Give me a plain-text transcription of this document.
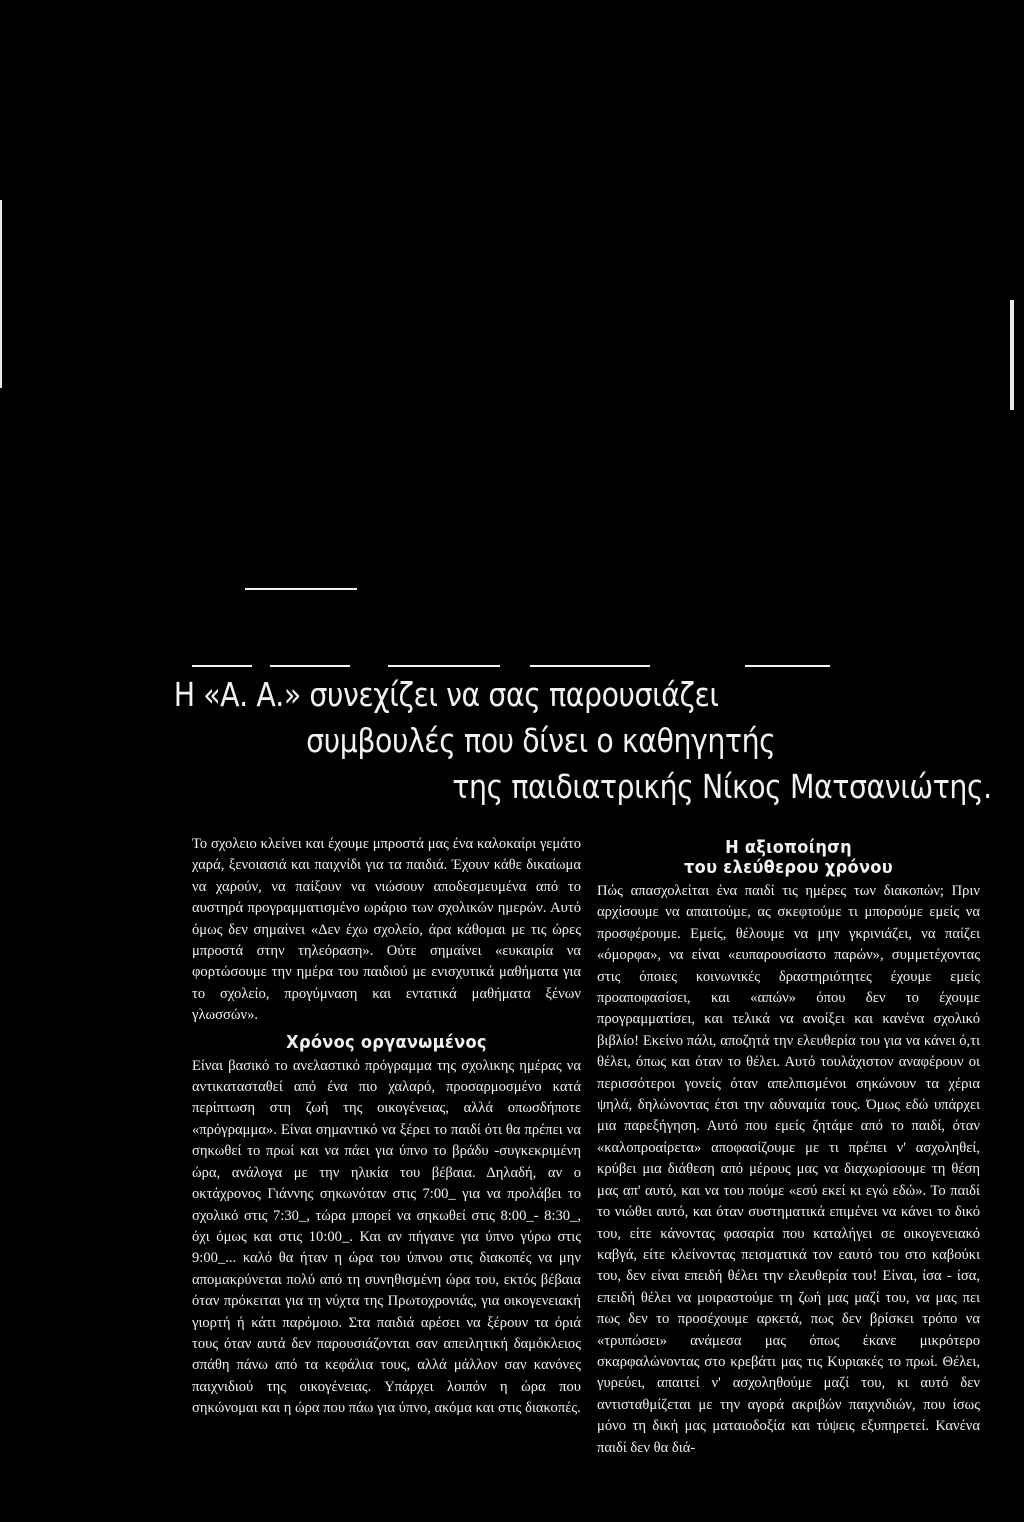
Η «Α. Α.» συνεχίζει να σας παρουσιάζει
συμβουλές που δίνει ο καθηγητής
της παιδιατρικής Νίκος Ματσανιώτης.

Το σχολειο κλείνει και έχουμε μπροστά μας ένα καλοκαίρι γεμάτο χαρά, ξενοιασιά και παιχνίδι για τα παιδιά. Έχουν κάθε δικαίωμα να χαρούν, να παίξουν να νιώσουν αποδεσμευμένα από το αυστηρά προγραμματισμένο ωράριο των σχολικών ημερών. Αυτό όμως δεν σημαίνει «Δεν έχω σχολείο, άρα κάθομαι με τις ώρες μπροστά στην τηλεόραση». Ούτε σημαίνει «ευκαιρία να φορτώσουμε την ημέρα του παιδιού με ενισχυτικά μαθήματα για το σχολείο, προγύμναση και εντατικά μαθήματα ξένων γλωσσών».

Χρόνος οργανωμένος

Είναι βασικό το ανελαστικό πρόγραμμα της σχολικης ημέρας να αντικατασταθεί από ένα πιο χαλαρό, προσαρμοσμένο κατά περίπτωση στη ζωή της οικογένειας, αλλά οπωσδήποτε «πρόγραμμα». Είναι σημαντικό να ξέρει το παιδί ότι θα πρέπει να σηκωθεί το πρωί και να πάει για ύπνο το βράδυ -συγκεκριμένη ώρα, ανάλογα με την ηλικία του βέβαια. Δηλαδή, αν ο οκτάχρονος Γιάννης σηκωνόταν στις 7:00_ για να προλάβει το σχολικό στις 7:30_, τώρα μπορεί να σηκωθεί στις 8:00_- 8:30_, όχι όμως και στις 10:00_. Και αν πήγαινε για ύπνο γύρω στις 9:00_... καλό θα ήταν η ώρα του ύπνου στις διακοπές να μην απομακρύνεται πολύ από τη συνηθισμένη ώρα του, εκτός βέβαια όταν πρόκειται για τη νύχτα της Πρωτοχρονιάς, για οικογενειακή γιορτή ή κάτι παρόμοιο. Στα παιδιά αρέσει να ξέρουν τα όριά τους όταν αυτά δεν παρουσιάζονται σαν απειλητική δαμόκλειος σπάθη πάνω από τα κεφάλια τους, αλλά μάλλον σαν κανόνες παιχνιδιού της οικογένειας. Υπάρχει λοιπόν η ώρα που σηκώνομαι και η ώρα που πάω για ύπνο, ακόμα και στις διακοπές.

Η αξιοποίηση
του ελεύθερου χρόνου

Πώς απασχολείται ένα παιδί τις ημέρες των διακοπών; Πριν αρχίσουμε να απαιτούμε, ας σκεφτούμε τι μπορούμε εμείς να προσφέρουμε. Εμείς, θέλουμε να μην γκρινιάζει, να παίζει «όμορφα», να είναι «ευπαρουσίαστο παρών», συμμετέχοντας στις όποιες κοινωνικές δραστηριότητες έχουμε εμείς προαποφασίσει, και «απών» όπου δεν το έχουμε προγραμματίσει, και τελικά να ανοίξει και κανένα σχολικό βιβλίο! Εκείνο πάλι, αποζητά την ελευθερία του για να κάνει ό,τι θέλει, όπως και όταν το θέλει. Αυτό τουλάχιστον αναφέρουν οι περισσότεροι γονείς όταν απελπισμένοι σηκώνουν τα χέρια ψηλά, δηλώνοντας έτσι την αδυναμία τους. Όμως εδώ υπάρχει μια παρεξήγηση. Αυτό που εμείς ζητάμε από το παιδί, όταν «καλοπροαίρετα» αποφασίζουμε με τι πρέπει ν' ασχοληθεί, κρύβει μια διάθεση από μέρους μας να διαχωρίσουμε τη θέση μας απ' αυτό, και να του πούμε «εσύ εκεί κι εγώ εδώ». Το παιδί το νιώθει αυτό, και όταν συστηματικά επιμένει να κάνει το δικό του, είτε κάνοντας φασαρία που καταλήγει σε οικογενειακό καβγά, είτε κλείνοντας πεισματικά τον εαυτό του στο καβούκι του, δεν είναι επειδή θέλει την ελευθερία του! Είναι, ίσα - ίσα, επειδή θέλει να μοιραστούμε τη ζωή μας μαζί του, να μας πει πως δεν το προσέχουμε αρκετά, πως δεν βρίσκει τρόπο να «τρυπώσει» ανάμεσα μας όπως έκανε μικρότερο σκαρφαλώνοντας στο κρεβάτι μας τις Κυριακές το πρωί. Θέλει, γυρεύει, απαιτεί ν' ασχοληθούμε μαζί του, κι αυτό δεν αντισταθμίζεται με την αγορά ακριβών παιχνιδιών, που ίσως μόνο τη δική μας ματαιοδοξία και τύψεις εξυπηρετεί. Κανένα παιδί δεν θα διά-
